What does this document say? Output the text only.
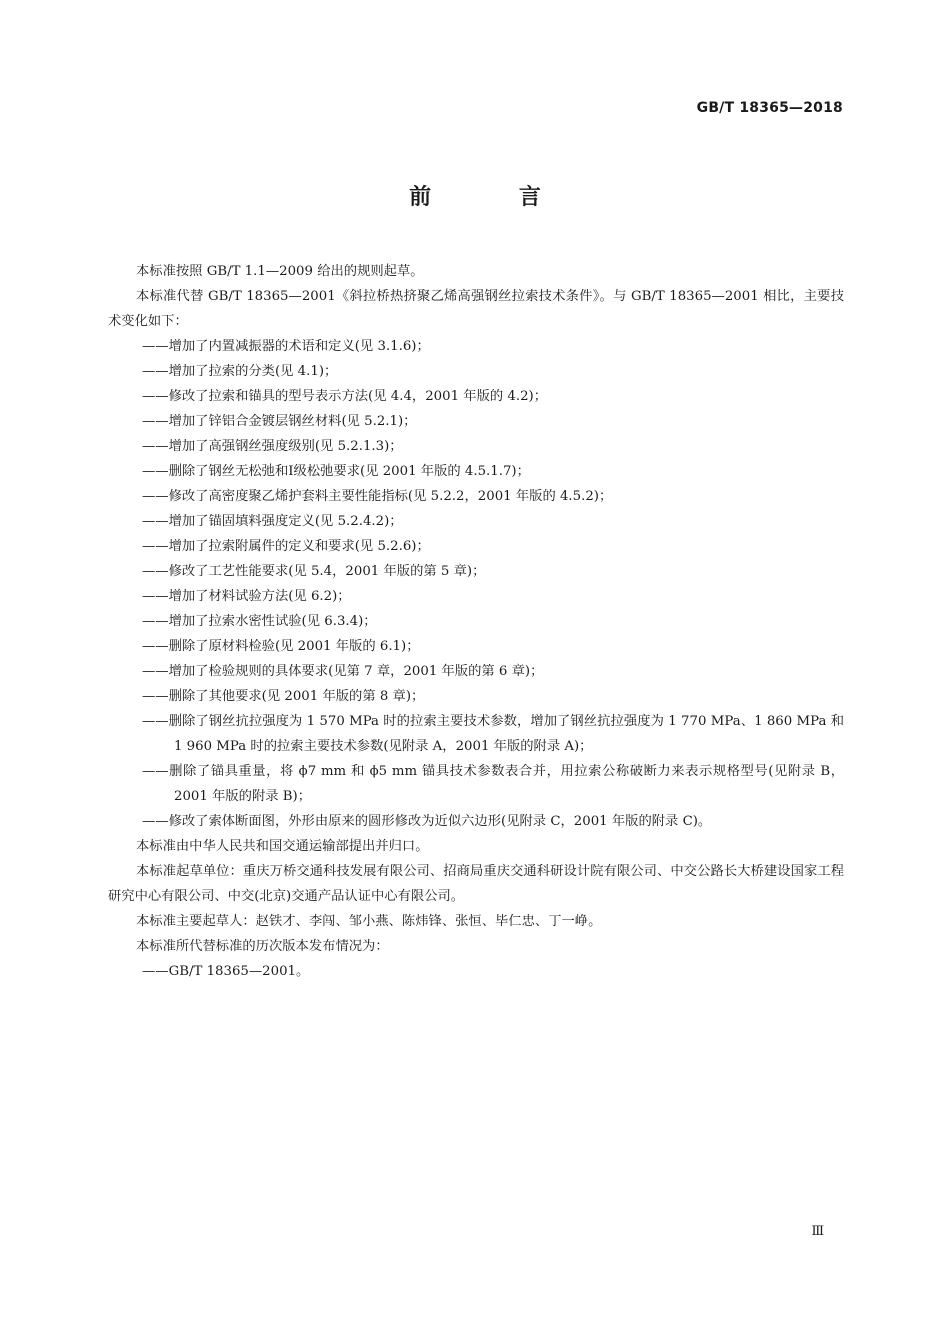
GB/T 18365—2018
前 言

本标准按照 GB/T 1.1—2009 给出的规则起草。

本标准代替 GB/T 18365—2001《斜拉桥热挤聚乙烯高强钢丝拉索技术条件》。与 GB/T 18365—2001 相比，主要技术变化如下：

—— 增加了内置减振器的术语和定义(见 3.1.6)；

—— 增加了拉索的分类(见 4.1)；

—— 修改了拉索和锚具的型号表示方法(见 4.4，2001 年版的 4.2)；

—— 增加了锌铝合金镀层钢丝材料(见 5.2.1)；

—— 增加了高强钢丝强度级别(见 5.2.1.3)；

—— 删除了钢丝无松弛和Ⅰ级松弛要求(见 2001 年版的 4.5.1.7)；

—— 修改了高密度聚乙烯护套料主要性能指标(见 5.2.2，2001 年版的 4.5.2)；

—— 增加了锚固填料强度定义(见 5.2.4.2)；

—— 增加了拉索附属件的定义和要求(见 5.2.6)；

—— 修改了工艺性能要求(见 5.4，2001 年版的第 5 章)；

—— 增加了材料试验方法(见 6.2)；

—— 增加了拉索水密性试验(见 6.3.4)；

—— 删除了原材料检验(见 2001 年版的 6.1)；

—— 增加了检验规则的具体要求(见第 7 章，2001 年版的第 6 章)；

—— 删除了其他要求(见 2001 年版的第 8 章)；

—— 删除了钢丝抗拉强度为 1 570 MPa 时的拉索主要技术参数，增加了钢丝抗拉强度为 1 770 MPa、1 860 MPa 和 1 960 MPa 时的拉索主要技术参数(见附录 A，2001 年版的附录 A)；

—— 删除了锚具重量，将 ϕ7 mm 和 ϕ5 mm 锚具技术参数表合并，用拉索公称破断力来表示规格型号(见附录 B，2001 年版的附录 B)；

—— 修改了索体断面图，外形由原来的圆形修改为近似六边形(见附录 C，2001 年版的附录 C)。

本标准由中华人民共和国交通运输部提出并归口。

本标准起草单位：重庆万桥交通科技发展有限公司、招商局重庆交通科研设计院有限公司、中交公路长大桥建设国家工程研究中心有限公司、中交(北京)交通产品认证中心有限公司。

本标准主要起草人：赵铁才、李闯、邹小燕、陈炜锋、张恒、毕仁忠、丁一峥。

本标准所代替标准的历次版本发布情况为：

—— GB/T 18365—2001。

Ⅲ
